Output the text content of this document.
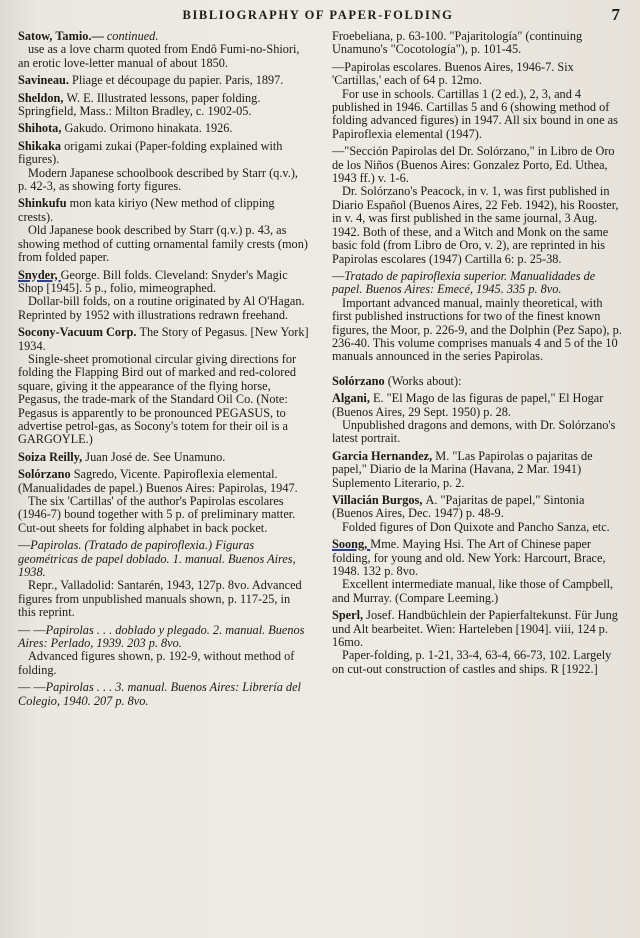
BIBLIOGRAPHY OF PAPER-FOLDING	7
Satow, Tamio.— continued.
use as a love charm quoted from Endô Fumi-no-Shiori, an erotic love-letter manual of about 1850.
Savineau. Pliage et découpage du papier. Paris, 1897.
Sheldon, W. E. Illustrated lessons, paper folding. Springfield, Mass.: Milton Bradley, c. 1902-05.
Shihota, Gakudo. Orimono hinakata. 1926.
Shikaka origami zukai (Paper-folding explained with figures).
Modern Japanese schoolbook described by Starr (q.v.), p. 42-3, as showing forty figures.
Shinkufu mon kata kiriyo (New method of clipping crests).
Old Japanese book described by Starr (q.v.) p. 43, as showing method of cutting ornamental family crests (mon) from folded paper.
Snyder, George. Bill folds. Cleveland: Snyder's Magic Shop [1945]. 5 p., folio, mimeographed.
Dollar-bill folds, on a routine originated by Al O'Hagan. Reprinted by 1952 with illustrations redrawn freehand.
Socony-Vacuum Corp. The Story of Pegasus. [New York] 1934.
Single-sheet promotional circular giving directions for folding the Flapping Bird out of marked and red-colored square, giving it the appearance of the flying horse, Pegasus, the trade-mark of the Standard Oil Co. (Note: Pegasus is apparently to be pronounced PEGASUS, to advertise petrol-gas, as Socony's totem for their oil is a GARGOYLE.)
Soiza Reilly, Juan José de. See Unamuno.
Solórzano Sagredo, Vicente. Papiroflexia elemental. (Manualidades de papel.) Buenos Aires: Papirolas, 1947.
The six 'Cartillas' of the author's Papirolas escolares (1946-7) bound together with 5 p. of preliminary matter. Cut-out sheets for folding alphabet in back pocket.
—Papirolas. (Tratado de papiroflexia.) Figuras geométricas de papel doblado. 1. manual. Buenos Aires, 1938.
Repr., Valladolid: Santarén, 1943, 127p. 8vo. Advanced figures from unpublished manuals shown, p. 117-25, in this reprint.
— —Papirolas . . . doblado y plegado. 2. manual. Buenos Aires: Perlado, 1939. 203 p. 8vo.
Advanced figures shown, p. 192-9, without method of folding.
— —Papirolas . . . 3. manual. Buenos Aires: Librería del Colegio, 1940. 207 p. 8vo.
Froebeliana, p. 63-100. "Pajaritología" (continuing Unamuno's "Cocotología"), p. 101-45.
—Papirolas escolares. Buenos Aires, 1946-7. Six 'Cartillas,' each of 64 p. 12mo.
For use in schools. Cartillas 1 (2 ed.), 2, 3, and 4 published in 1946. Cartillas 5 and 6 (showing method of folding advanced figures) in 1947. All six bound in one as Papiroflexia elemental (1947).
—"Sección Papirolas del Dr. Solórzano," in Libro de Oro de los Niños (Buenos Aires: Gonzalez Porto, Ed. Uthea, 1943 ff.) v. 1-6.
Dr. Solórzano's Peacock, in v. 1, was first published in Diario Español (Buenos Aires, 22 Feb. 1942), his Rooster, in v. 4, was first published in the same journal, 3 Aug. 1942. Both of these, and a Witch and Monk on the same basic fold (from Libro de Oro, v. 2), are reprinted in his Papirolas escolares (1947) Cartilla 6: p. 25-38.
—Tratado de papiroflexia superior. Manualidades de papel. Buenos Aires: Emecé, 1945. 335 p. 8vo.
Important advanced manual, mainly theoretical, with first published instructions for two of the finest known figures, the Moor, p. 226-9, and the Dolphin (Pez Sapo), p. 236-40. This volume comprises manuals 4 and 5 of the 10 manuals announced in the series Papirolas.
Solórzano (Works about):
Algani, E. "El Mago de las figuras de papel," El Hogar (Buenos Aires, 29 Sept. 1950) p. 28.
Unpublished dragons and demons, with Dr. Solórzano's latest portrait.
Garcia Hernandez, M. "Las Papirolas o pajaritas de papel," Diario de la Marina (Havana, 2 Mar. 1941) Suplemento Literario, p. 2.
Villacián Burgos, A. "Pajaritas de papel," Sintonia (Buenos Aires, Dec. 1947) p. 48-9.
Folded figures of Don Quixote and Pancho Sanza, etc.
Soong, Mme. Maying Hsi. The Art of Chinese paper folding, for young and old. New York: Harcourt, Brace, 1948. 132 p. 8vo.
Excellent intermediate manual, like those of Campbell, and Murray. (Compare Leeming.)
Sperl, Josef. Handbüchlein der Papierfaltekunst. Für Jung und Alt bearbeitet. Wien: Harteleben [1904]. viii, 124 p. 16mo.
Paper-folding, p. 1-21, 33-4, 63-4, 66-73, 102. Largely on cut-out construction of castles and ships. R [1922.]
